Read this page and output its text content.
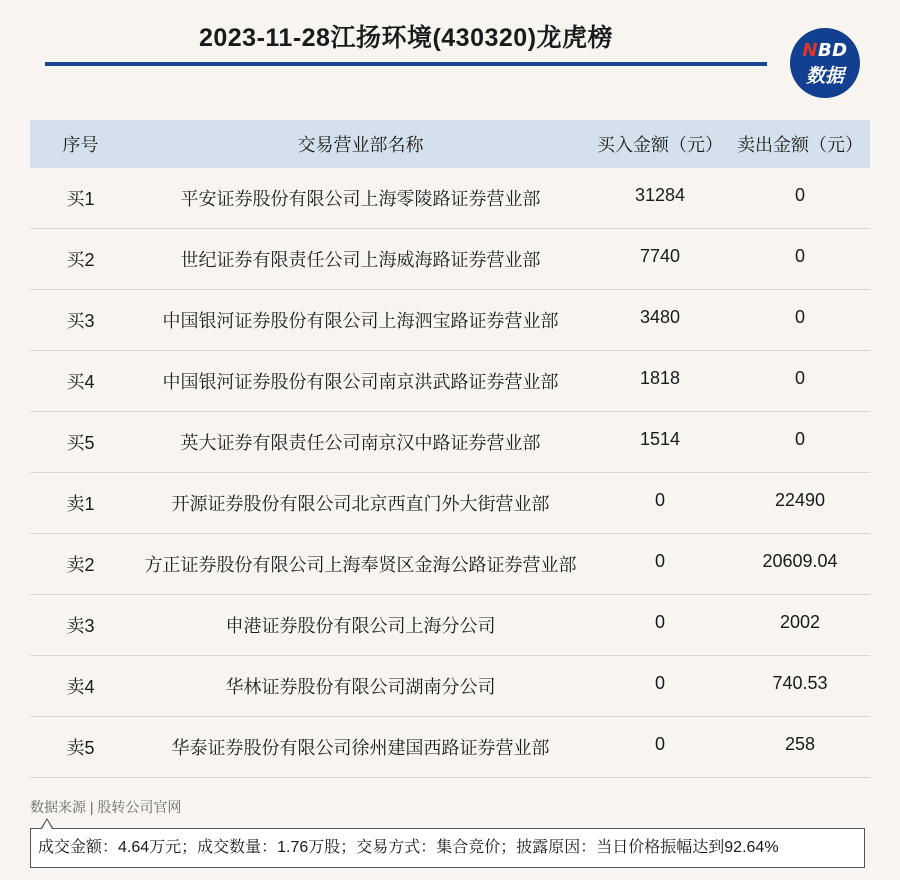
2023-11-28江扬环境(430320)龙虎榜	NBD
数据
序号	交易营业部名称	买入金额（元）	卖出金额（元）
买1	平安证券股份有限公司上海零陵路证券营业部	31284	0
买2	世纪证券有限责任公司上海威海路证券营业部	7740	0
买3	中国银河证券股份有限公司上海泗宝路证券营业部	3480	0
买4	中国银河证券股份有限公司南京洪武路证券营业部	1818	0
买5	英大证券有限责任公司南京汉中路证券营业部	1514	0
卖1	开源证券股份有限公司北京西直门外大街营业部	0	22490
卖2	方正证券股份有限公司上海奉贤区金海公路证券营业部	0	20609.04
卖3	申港证券股份有限公司上海分公司	0	2002
卖4	华林证券股份有限公司湖南分公司	0	740.53
卖5	华泰证券股份有限公司徐州建国西路证券营业部	0	258
数据来源 | 股转公司官网
成交金额：4.64万元；成交数量：1.76万股；交易方式：集合竞价；披露原因：当日价格振幅达到92.64%
